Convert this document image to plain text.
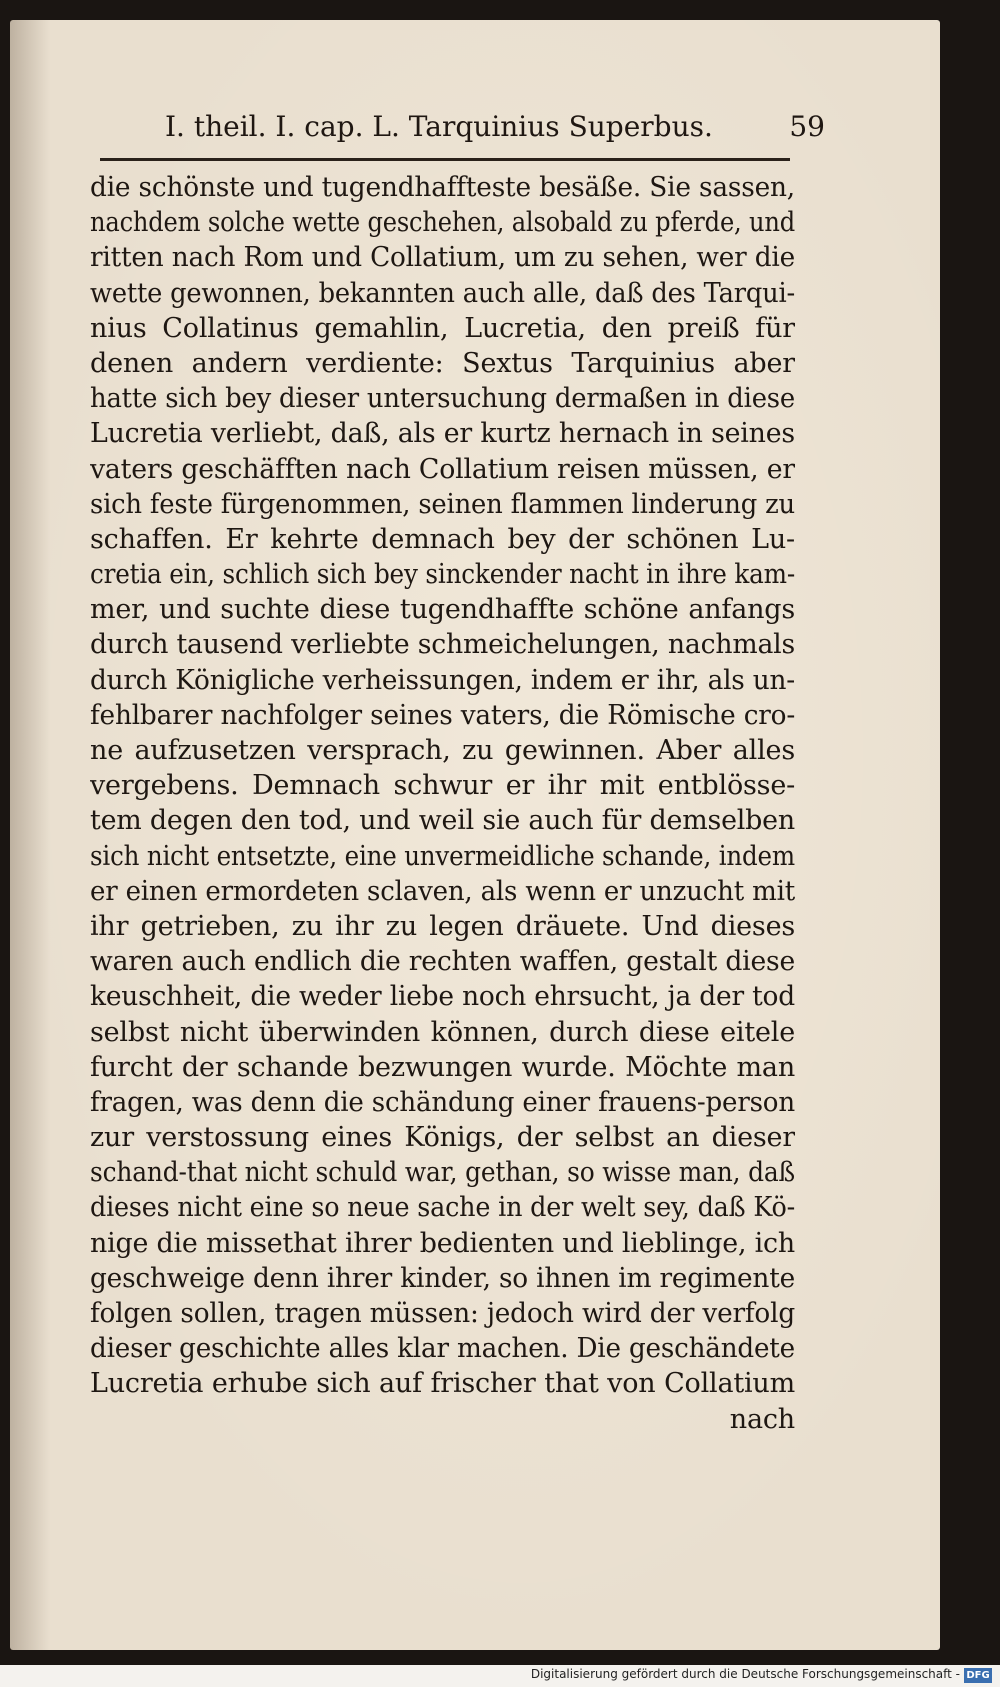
I. theil. I. cap. L. Tarquinius Superbus.	59
die schönste und tugendhaffteste besäße. Sie sassen,
nachdem solche wette geschehen, alsobald zu pferde, und
ritten nach Rom und Collatium, um zu sehen, wer die
wette gewonnen, bekannten auch alle, daß des Tarqui-
nius Collatinus gemahlin, Lucretia, den preiß für
denen andern verdiente: Sextus Tarquinius aber
hatte sich bey dieser untersuchung dermaßen in diese
Lucretia verliebt, daß, als er kurtz hernach in seines
vaters geschäfften nach Collatium reisen müssen, er
sich feste fürgenommen, seinen flammen linderung zu
schaffen. Er kehrte demnach bey der schönen Lu-
cretia ein, schlich sich bey sinckender nacht in ihre kam-
mer, und suchte diese tugendhaffte schöne anfangs
durch tausend verliebte schmeichelungen, nachmals
durch Königliche verheissungen, indem er ihr, als un-
fehlbarer nachfolger seines vaters, die Römische cro-
ne aufzusetzen versprach, zu gewinnen. Aber alles
vergebens. Demnach schwur er ihr mit entblösse-
tem degen den tod, und weil sie auch für demselben
sich nicht entsetzte, eine unvermeidliche schande, indem
er einen ermordeten sclaven, als wenn er unzucht mit
ihr getrieben, zu ihr zu legen dräuete. Und dieses
waren auch endlich die rechten waffen, gestalt diese
keuschheit, die weder liebe noch ehrsucht, ja der tod
selbst nicht überwinden können, durch diese eitele
furcht der schande bezwungen wurde. Möchte man
fragen, was denn die schändung einer frauens-person
zur verstossung eines Königs, der selbst an dieser
schand-that nicht schuld war, gethan, so wisse man, daß
dieses nicht eine so neue sache in der welt sey, daß Kö-
nige die missethat ihrer bedienten und lieblinge, ich
geschweige denn ihrer kinder, so ihnen im regimente
folgen sollen, tragen müssen: jedoch wird der verfolg
dieser geschichte alles klar machen. Die geschändete
Lucretia erhube sich auf frischer that von Collatium
nach
Digitalisierung gefördert durch die Deutsche Forschungsgemeinschaft - DFG
